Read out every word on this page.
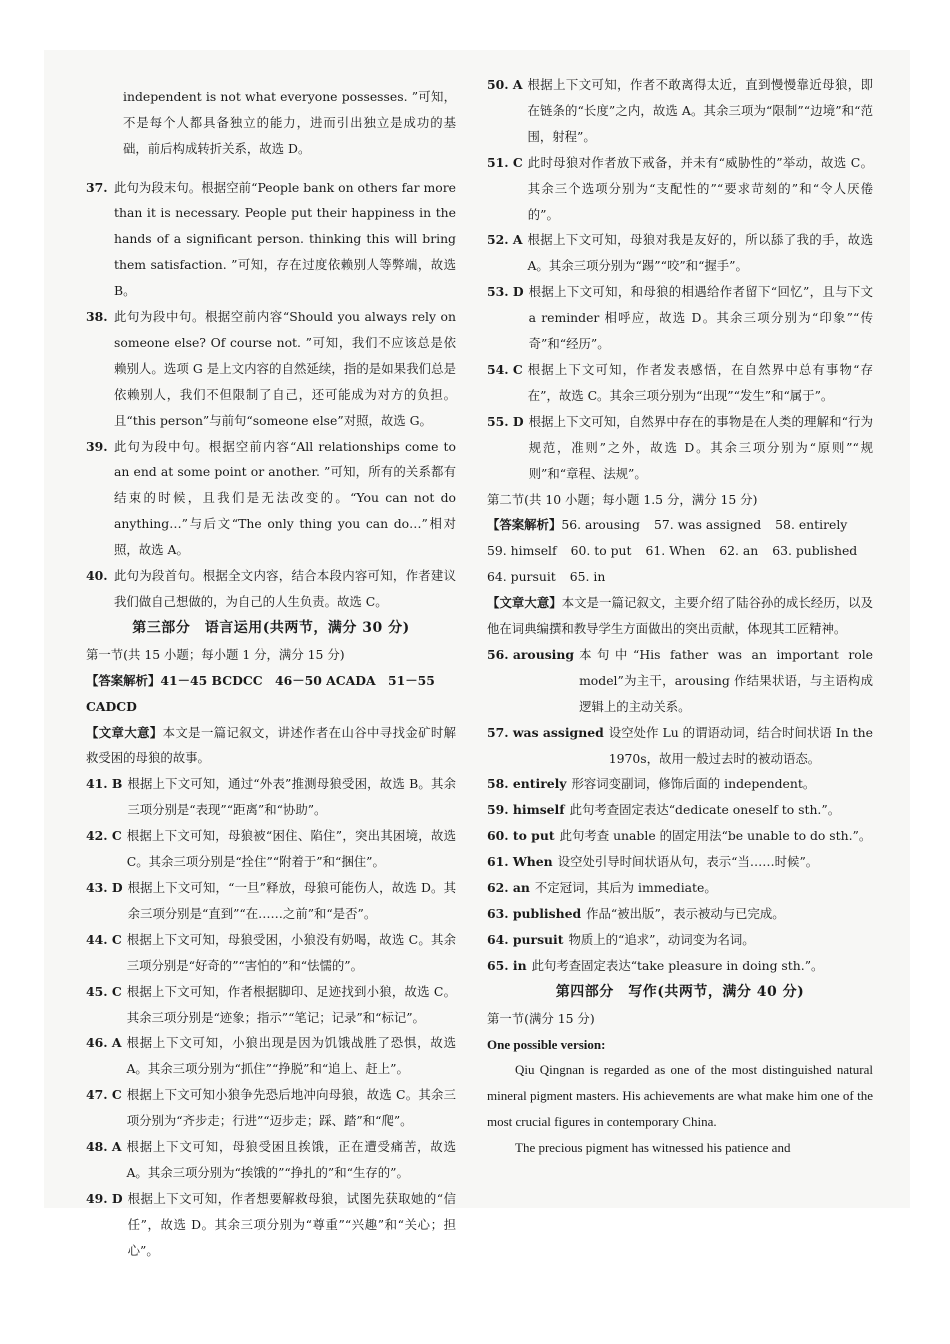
independent is not what everyone possesses. ”可知，不是每个人都具备独立的能力，进而引出独立是成功的基础，前后构成转折关系，故选 D。

37. 此句为段末句。根据空前“People bank on others far more than it is necessary. People put their happiness in the hands of a significant person. thinking this will bring them satisfaction. ”可知，存在过度依赖别人等弊端，故选 B。
38. 此句为段中句。根据空前内容“Should you always rely on someone else? Of course not. ”可知，我们不应该总是依赖别人。选项 G 是上文内容的自然延续，指的是如果我们总是依赖别人，我们不但限制了自己，还可能成为对方的负担。且“this person”与前句“someone else”对照，故选 G。
39. 此句为段中句。根据空前内容“All relationships come to an end at some point or another. ”可知，所有的关系都有结束的时候，且我们是无法改变的。“You can not do anything…”与后文“The only thing you can do…”相对照，故选 A。
40. 此句为段首句。根据全文内容，结合本段内容可知，作者建议我们做自己想做的，为自己的人生负责。故选 C。

第三部分　语言运用(共两节，满分 30 分)

第一节(共 15 小题；每小题 1 分，满分 15 分)

【答案解析】41－45 BCDCC　46－50 ACADA　51－55 CADCD

【文章大意】本文是一篇记叙文，讲述作者在山谷中寻找金矿时解救受困的母狼的故事。

41. B 根据上下文可知，通过“外表”推测母狼受困，故选 B。其余三项分别是“表现”“距离”和“协助”。
42. C 根据上下文可知，母狼被“困住、陷住”，突出其困境，故选 C。其余三项分别是“拴住”“附着于”和“捆住”。
43. D 根据上下文可知，“一旦”释放，母狼可能伤人，故选 D。其余三项分别是“直到”“在……之前”和“是否”。
44. C 根据上下文可知，母狼受困，小狼没有奶喝，故选 C。其余三项分别是“好奇的”“害怕的”和“怯懦的”。
45. C 根据上下文可知，作者根据脚印、足迹找到小狼，故选 C。其余三项分别是“迹象；指示”“笔记；记录”和“标记”。
46. A 根据上下文可知，小狼出现是因为饥饿战胜了恐惧，故选 A。其余三项分别为“抓住”“挣脱”和“追上、赶上”。
47. C 根据上下文可知小狼争先恐后地冲向母狼，故选 C。其余三项分别为“齐步走；行进”“迈步走；踩、踏”和“爬”。
48. A 根据上下文可知，母狼受困且挨饿，正在遭受痛苦，故选 A。其余三项分别为“挨饿的”“挣扎的”和“生存的”。
49. D 根据上下文可知，作者想要解救母狼，试图先获取她的“信任”，故选 D。其余三项分别为“尊重”“兴趣”和“关心；担心”。
50. A 根据上下文可知，作者不敢离得太近，直到慢慢靠近母狼，即在链条的“长度”之内，故选 A。其余三项为“限制”“边境”和“范围，射程”。
51. C 此时母狼对作者放下戒备，并未有“威胁性的”举动，故选 C。其余三个选项分别为“支配性的”“要求苛刻的”和“令人厌倦的”。
52. A 根据上下文可知，母狼对我是友好的，所以舔了我的手，故选 A。其余三项分别为“踢”“咬”和“握手”。
53. D 根据上下文可知，和母狼的相遇给作者留下“回忆”，且与下文 a reminder 相呼应，故选 D。其余三项分别为“印象”“传奇”和“经历”。
54. C 根据上下文可知，作者发表感悟，在自然界中总有事物“存在”，故选 C。其余三项分别为“出现”“发生”和“属于”。
55. D 根据上下文可知，自然界中存在的事物是在人类的理解和“行为规范，准则”之外，故选 D。其余三项分别为“原则”“规则”和“章程、法规”。

第二节(共 10 小题；每小题 1.5 分，满分 15 分)

【答案解析】56. arousing 57. was assigned 58. entirely

59. himself 60. to put 61. When 62. an 63. published

64. pursuit 65. in

【文章大意】本文是一篇记叙文，主要介绍了陆谷孙的成长经历，以及他在词典编撰和教导学生方面做出的突出贡献，体现其工匠精神。

56. arousing 本句中“His father was an important role model”为主干，arousing 作结果状语，与主语构成逻辑上的主动关系。
57. was assigned 设空处作 Lu 的谓语动词，结合时间状语 In the 1970s，故用一般过去时的被动语态。
58. entirely 形容词变副词，修饰后面的 independent。
59. himself 此句考查固定表达“dedicate oneself to sth.”。
60. to put 此句考查 unable 的固定用法“be unable to do sth.”。
61. When 设空处引导时间状语从句，表示“当……时候”。
62. an 不定冠词，其后为 immediate。
63. published 作品“被出版”，表示被动与已完成。
64. pursuit 物质上的“追求”，动词变为名词。
65. in 此句考查固定表达“take pleasure in doing sth.”。

第四部分　写作(共两节，满分 40 分)

第一节(满分 15 分)

One possible version:

Qiu Qingnan is regarded as one of the most distinguished natural mineral pigment masters. His achievements are what make him one of the most crucial figures in contemporary China.

The precious pigment has witnessed his patience and
